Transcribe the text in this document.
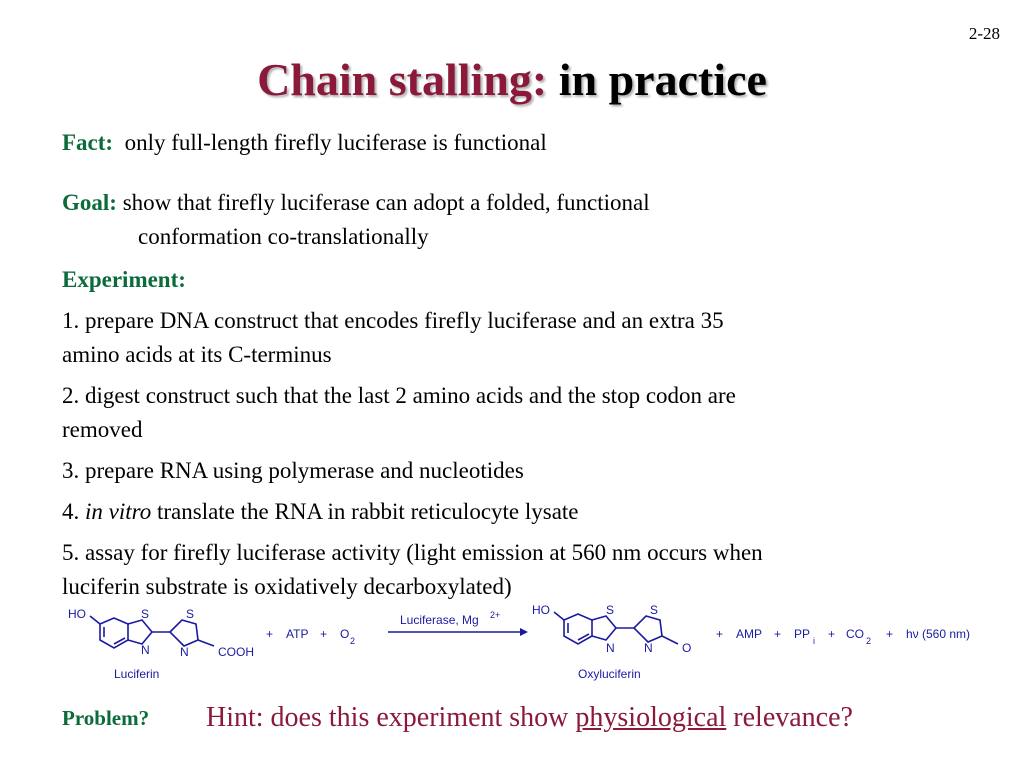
2-28
Chain stalling: in practice
Fact: only full-length firefly luciferase is functional
Goal: show that firefly luciferase can adopt a folded, functional
conformation co-translationally
Experiment:
1. prepare DNA construct that encodes firefly luciferase and an extra 35
amino acids at its C-terminus
2. digest construct such that the last 2 amino acids and the stop codon are
removed
3. prepare RNA using polymerase and nucleotides
4. in vitro translate the RNA in rabbit reticulocyte lysate
5. assay for firefly luciferase activity (light emission at 560 nm occurs when
luciferin substrate is oxidatively decarboxylated)
HO	S
N
S
N COOH
Luciferin
+ ATP + O 2
Luciferase, Mg 2+	HO	S
N
S
N O
Oxyluciferin
+ AMP + PP i + CO 2 + hν (560 nm)
Problem? Hint: does this experiment show physiological relevance?
